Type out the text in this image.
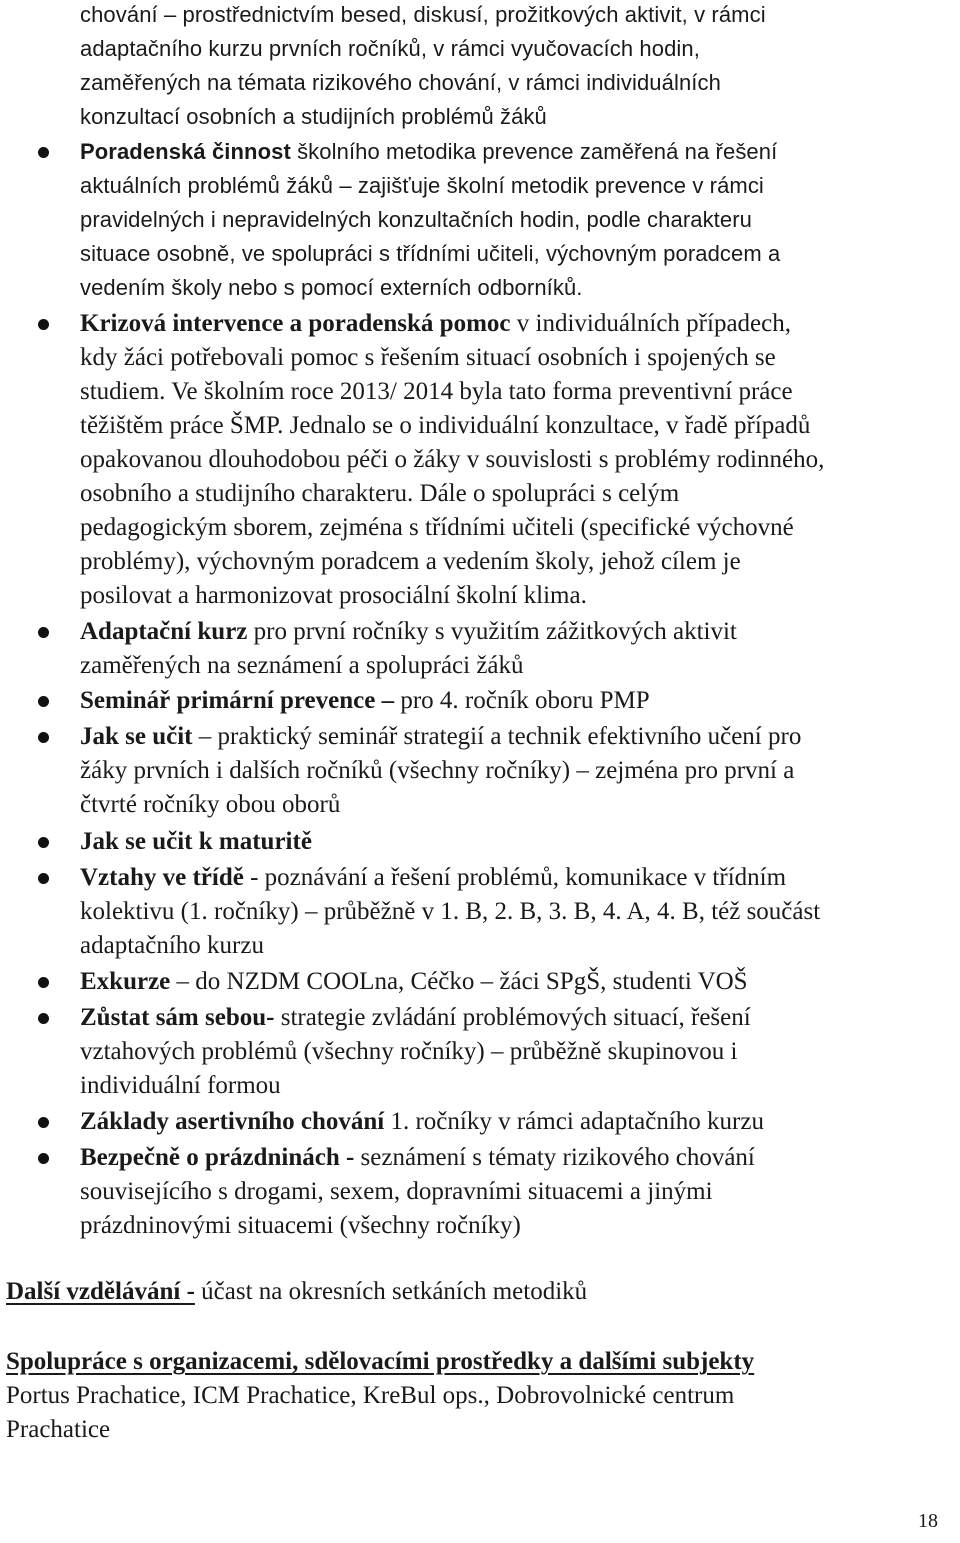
chování – prostřednictvím besed, diskusí, prožitkových aktivit, v rámci
adaptačního kurzu prvních ročníků, v rámci vyučovacích hodin,
zaměřených na témata rizikového chování, v rámci individuálních
konzultací osobních a studijních problémů žáků
Poradenská činnost školního metodika prevence zaměřená na řešení
aktuálních problémů žáků – zajišťuje školní metodik prevence v rámci
pravidelných i nepravidelných konzultačních hodin, podle charakteru
situace osobně, ve spolupráci s třídními učiteli, výchovným poradcem a
vedením školy nebo s pomocí externích odborníků.
Krizová intervence a poradenská pomoc v individuálních případech,
kdy žáci potřebovali pomoc s řešením situací osobních i spojených se
studiem. Ve školním roce 2013/ 2014 byla tato forma preventivní práce
těžištěm práce ŠMP. Jednalo se o individuální konzultace, v řadě případů
opakovanou dlouhodobou péči o žáky v souvislosti s problémy rodinného,
osobního a studijního charakteru. Dále o spolupráci s celým
pedagogickým sborem, zejména s třídními učiteli (specifické výchovné
problémy), výchovným poradcem a vedením školy, jehož cílem je
posilovat a harmonizovat prosociální školní klima.
Adaptační kurz pro první ročníky s využitím zážitkových aktivit
zaměřených na seznámení a spolupráci žáků
Seminář primární prevence – pro 4. ročník oboru PMP
Jak se učit – praktický seminář strategií a technik efektivního učení pro
žáky prvních i dalších ročníků (všechny ročníky) – zejména pro první a
čtvrté ročníky obou oborů
Jak se učit k maturitě
Vztahy ve třídě - poznávání a řešení problémů, komunikace v třídním
kolektivu (1. ročníky) – průběžně v 1. B, 2. B, 3. B, 4. A, 4. B, též součást
adaptačního kurzu
Exkurze – do NZDM COOLna, Céčko – žáci SPgŠ, studenti VOŠ
Zůstat sám sebou- strategie zvládání problémových situací, řešení
vztahových problémů (všechny ročníky) – průběžně skupinovou i
individuální formou
Základy asertivního chování 1. ročníky v rámci adaptačního kurzu
Bezpečně o prázdninách - seznámení s tématy rizikového chování
souvisejícího s drogami, sexem, dopravními situacemi a jinými
prázdninovými situacemi (všechny ročníky)
Další vzdělávání - účast na okresních setkáních metodiků
Spolupráce s organizacemi, sdělovacími prostředky a dalšími subjekty
Portus Prachatice, ICM Prachatice, KreBul ops., Dobrovolnické centrum
Prachatice
18
